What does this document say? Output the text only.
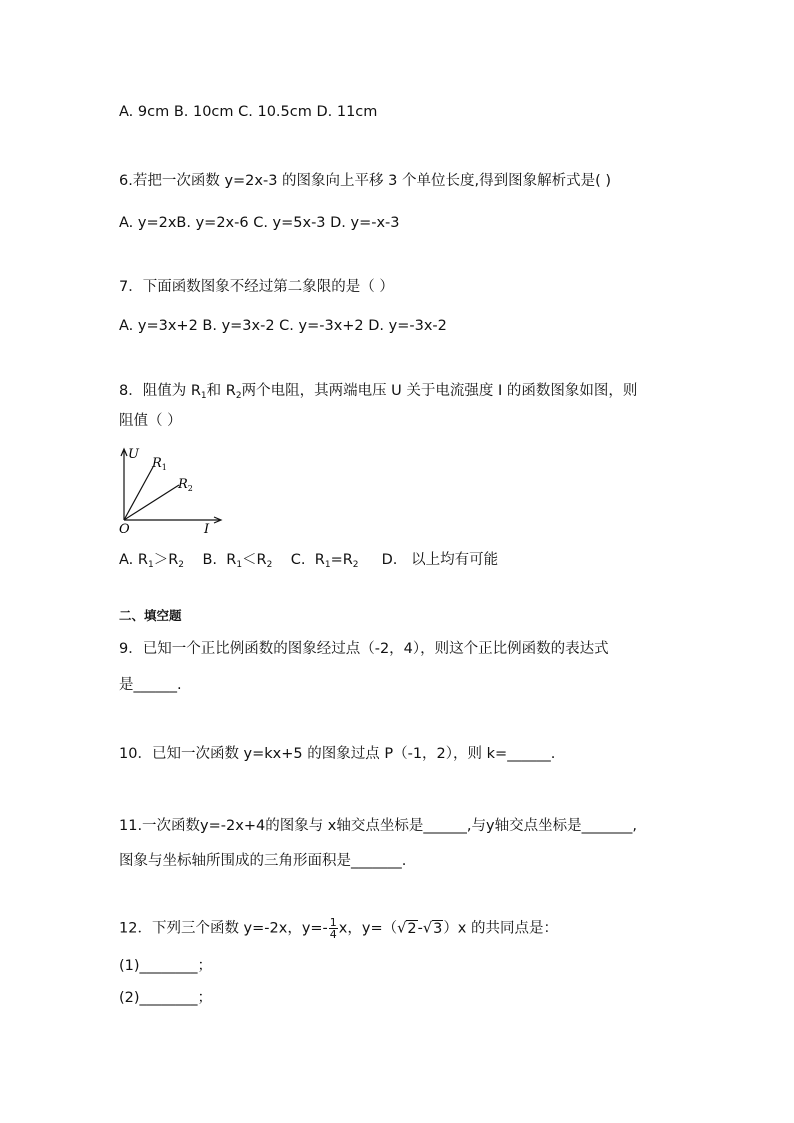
A. 9cm B. 10cm C. 10.5cm D. 11cm
6.若把一次函数 y=2x-3 的图象向上平移 3 个单位长度,得到图象解析式是( )
A. y=2xB. y=2x-6 C. y=5x-3 D. y=-x-3
7．下面函数图象不经过第二象限的是（ ）
A. y=3x+2 B. y=3x-2 C. y=-3x+2 D. y=-3x-2
8．阻值为 $R_1$和 $R_2$两个电阻，其两端电压 U 关于电流强度 I 的函数图象如图，则
阻值（ ）
U
I
O
$R_1$
$R_2$
A. $R_1>R_2$    B.  $R_1<R_2$    C.  $R_1=R_2$     D.   以上均有可能
二、填空题
9．已知一个正比例函数的图象经过点（-2，4），则这个正比例函数的表达式
是______.
10．已知一次函数 y=kx+5 的图象过点 P（-1，2），则 k=______.
11.一次函数y=-2x+4的图象与 x轴交点坐标是______,与y轴交点坐标是_______,
图象与坐标轴所围成的三角形面积是_______.
12．下列三个函数 y=-2x，$y=- \frac{1}{4}$ x，y=（√2-√3）x 的共同点是：
(1)________；
(2)________；
